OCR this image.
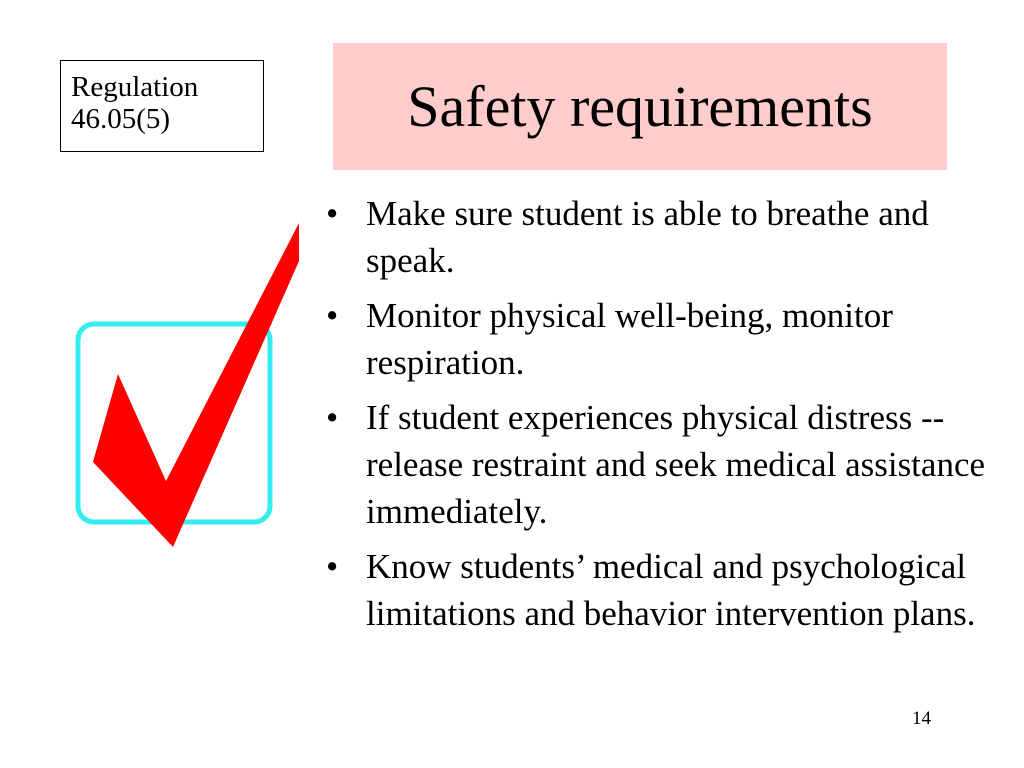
Regulation
46.05(5)	Safety requirements
• Make sure student is able to breathe and speak.
• Monitor physical well-being, monitor respiration.
• If student experiences physical distress -- release restraint and seek medical assistance immediately.
• Know students’ medical and psychological limitations and behavior intervention plans.
14
